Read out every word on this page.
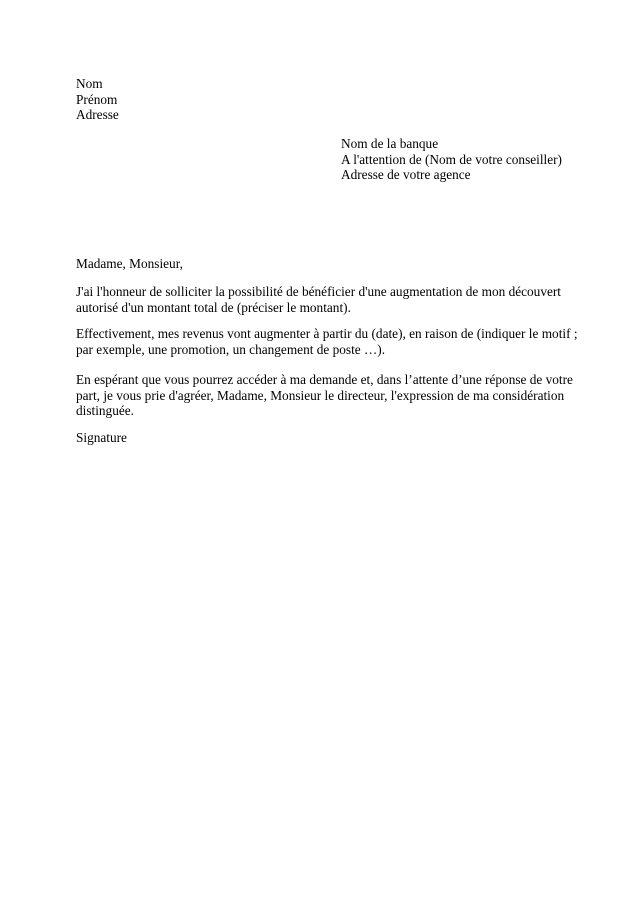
Nom
Prénom
Adresse
Nom de la banque
A l'attention de (Nom de votre conseiller)
Adresse de votre agence
Madame, Monsieur,
J'ai l'honneur de solliciter la possibilité de bénéficier d'une augmentation de mon découvert
autorisé d'un montant total de (préciser le montant).
Effectivement, mes revenus vont augmenter à partir du (date), en raison de (indiquer le motif ;
par exemple, une promotion, un changement de poste …).
En espérant que vous pourrez accéder à ma demande et, dans l’attente d’une réponse de votre
part, je vous prie d'agréer, Madame, Monsieur le directeur, l'expression de ma considération
distinguée.
Signature
